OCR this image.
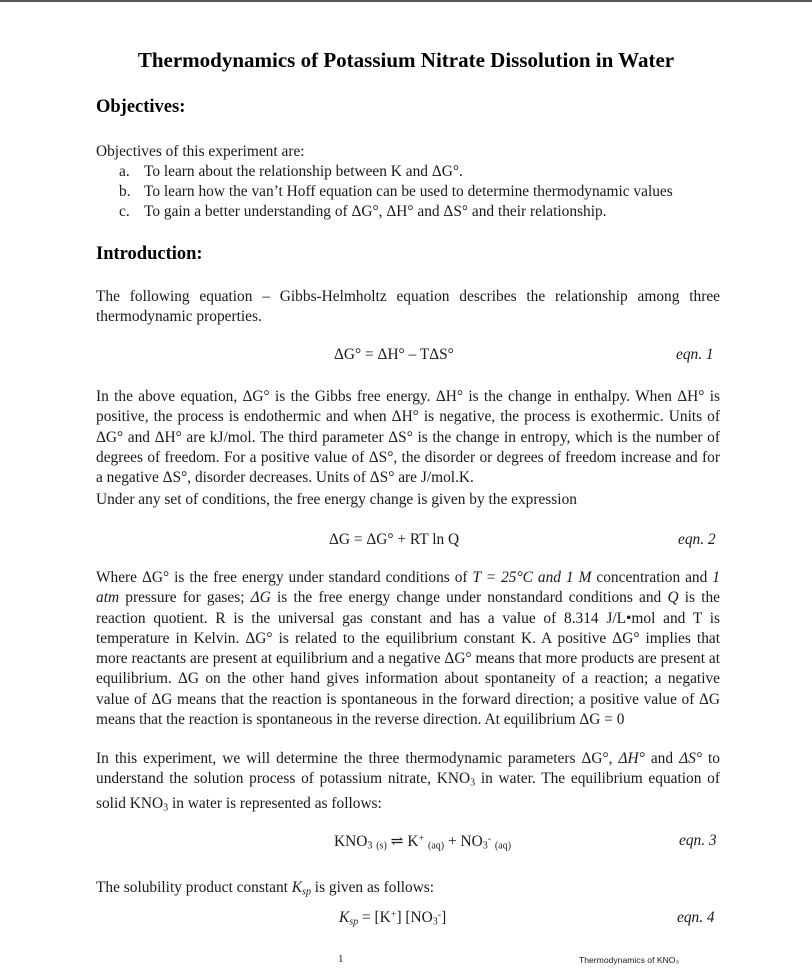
Thermodynamics of Potassium Nitrate Dissolution in Water
Objectives:
Objectives of this experiment are:
a. To learn about the relationship between K and ΔG°.
b. To learn how the van’t Hoff equation can be used to determine thermodynamic values
c. To gain a better understanding of ΔG°, ΔH° and ΔS° and their relationship.
Introduction:
The following equation – Gibbs-Helmholtz equation describes the relationship among three thermodynamic properties.
ΔG° = ΔH° – TΔS°	eqn. 1
In the above equation, ΔG° is the Gibbs free energy. ΔH° is the change in enthalpy. When ΔH° is positive, the process is endothermic and when ΔH° is negative, the process is exothermic. Units of ΔG° and ΔH° are kJ/mol. The third parameter ΔS° is the change in entropy, which is the number of degrees of freedom. For a positive value of ΔS°, the disorder or degrees of freedom increase and for a negative ΔS°, disorder decreases. Units of ΔS° are J/mol.K.
Under any set of conditions, the free energy change is given by the expression
ΔG = ΔG° + RT ln Q	eqn. 2
Where ΔG° is the free energy under standard conditions of T = 25°C and 1 M concentration and 1 atm pressure for gases; ΔG is the free energy change under nonstandard conditions and Q is the reaction quotient. R is the universal gas constant and has a value of 8.314 J/L•mol and T is temperature in Kelvin. ΔG° is related to the equilibrium constant K. A positive ΔG° implies that more reactants are present at equilibrium and a negative ΔG° means that more products are present at equilibrium. ΔG on the other hand gives information about spontaneity of a reaction; a negative value of ΔG means that the reaction is spontaneous in the forward direction; a positive value of ΔG means that the reaction is spontaneous in the reverse direction. At equilibrium ΔG = 0
In this experiment, we will determine the three thermodynamic parameters ΔG°, ΔH° and ΔS° to understand the solution process of potassium nitrate, $KNO_3$ in water. The equilibrium equation of solid $KNO_3$ in water is represented as follows:
$KNO_3$ $_{(s)}$ ⇌ K+ $_{(aq)} + NO_3^-$ $_{(aq)}$	eqn. 3
The solubility product constant $K_{sp}$ is given as follows:
$K_{sp} = [K^+]$ $[NO_3^-]$	eqn. 4
1	Thermodynamics of KNO₃
